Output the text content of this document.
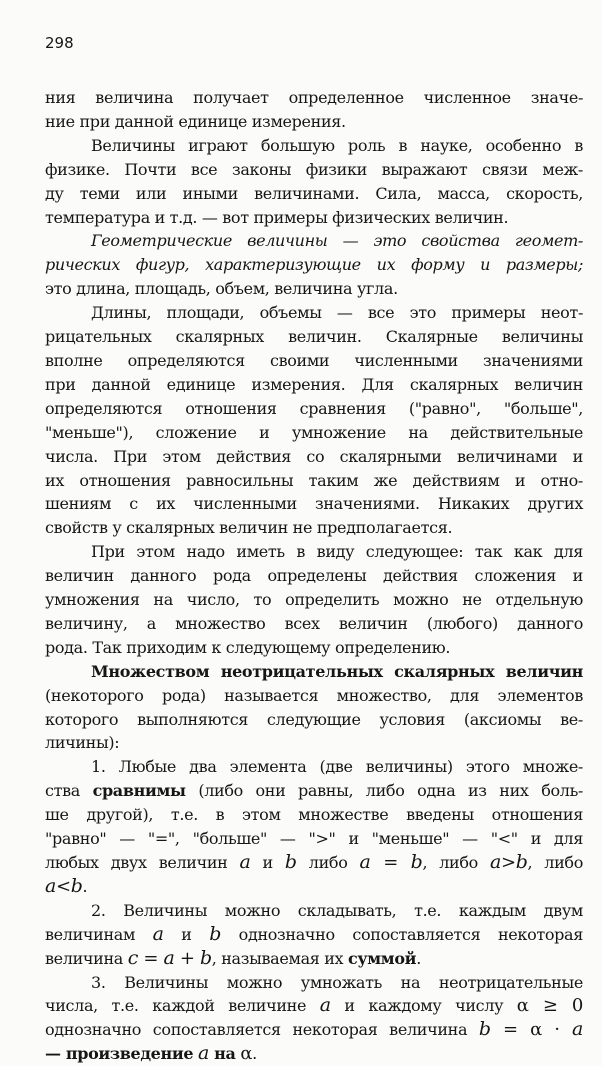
298
ния величина получает определенное численное значе-
ние при данной единице измерения.
Величины играют большую роль в науке, особенно в
физике. Почти все законы физики выражают связи меж-
ду теми или иными величинами. Сила, масса, скорость,
температура и т.д. — вот примеры физических величин.
Геометрические величины — это свойства геомет-
рических фигур, характеризующие их форму и размеры;
это длина, площадь, объем, величина угла.
Длины, площади, объемы — все это примеры неот-
рицательных скалярных величин. Скалярные величины
вполне определяются своими численными значениями
при данной единице измерения. Для скалярных величин
определяются отношения сравнения ("равно", "больше",
"меньше"), сложение и умножение на действительные
числа. При этом действия со скалярными величинами и
их отношения равносильны таким же действиям и отно-
шениям с их численными значениями. Никаких других
свойств у скалярных величин не предполагается.
При этом надо иметь в виду следующее: так как для
величин данного рода определены действия сложения и
умножения на число, то определить можно не отдельную
величину, а множество всех величин (любого) данного
рода. Так приходим к следующему определению.
Множеством неотрицательных скалярных величин
(некоторого рода) называется множество, для элементов
которого выполняются следующие условия (аксиомы ве-
личины):
1. Любые два элемента (две величины) этого множе-
ства сравнимы (либо они равны, либо одна из них боль-
ше другой), т.е. в этом множестве введены отношения
"равно" — "=", "больше" — ">" и "меньше" — "<" и для
любых двух величин a и b либо a = b, либо a>b, либо
a<b.
2. Величины можно складывать, т.е. каждым двум
величинам a и b однозначно сопоставляется некоторая
величина c = a + b, называемая их суммой.
3. Величины можно умножать на неотрицательные
числа, т.е. каждой величине a и каждому числу α ≥ 0
однозначно сопоставляется некоторая величина b = α · a
— произведение a на α.
